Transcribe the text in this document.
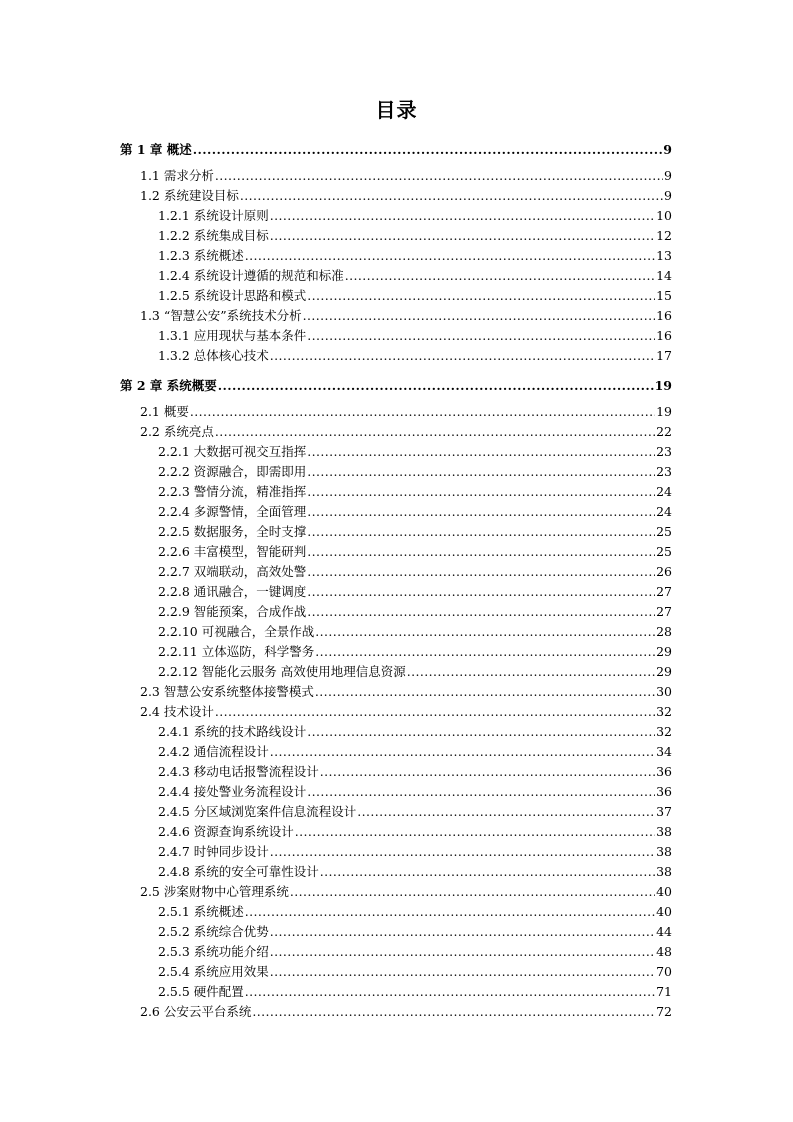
目录
第 1 章 概述 .....	9
1.1 需求分析 .....	9
1.2 系统建设目标 .....	9
1.2.1 系统设计原则 .....	10
1.2.2 系统集成目标 .....	12
1.2.3 系统概述 .....	13
1.2.4 系统设计遵循的规范和标准 .....	14
1.2.5 系统设计思路和模式 .....	15
1.3 “智慧公安”系统技术分析 .....	16
1.3.1 应用现状与基本条件 .....	16
1.3.2 总体核心技术 .....	17
第 2 章 系统概要 .....	19
2.1 概要 .....	19
2.2 系统亮点 .....	22
2.2.1 大数据可视交互指挥 .....	23
2.2.2 资源融合，即需即用 .....	23
2.2.3 警情分流，精准指挥 .....	24
2.2.4 多源警情，全面管理 .....	24
2.2.5 数据服务，全时支撑 .....	25
2.2.6 丰富模型，智能研判 .....	25
2.2.7 双端联动，高效处警 .....	26
2.2.8 通讯融合，一键调度 .....	27
2.2.9 智能预案，合成作战 .....	27
2.2.10 可视融合，全景作战 .....	28
2.2.11 立体巡防，科学警务 .....	29
2.2.12 智能化云服务 高效使用地理信息资源 .....	29
2.3 智慧公安系统整体接警模式 .....	30
2.4 技术设计 .....	32
2.4.1 系统的技术路线设计 .....	32
2.4.2 通信流程设计 .....	34
2.4.3 移动电话报警流程设计 .....	36
2.4.4 接处警业务流程设计 .....	36
2.4.5 分区域浏览案件信息流程设计 .....	37
2.4.6 资源查询系统设计 .....	38
2.4.7 时钟同步设计 .....	38
2.4.8 系统的安全可靠性设计 .....	38
2.5 涉案财物中心管理系统 .....	40
2.5.1 系统概述 .....	40
2.5.2 系统综合优势 .....	44
2.5.3 系统功能介绍 .....	48
2.5.4 系统应用效果 .....	70
2.5.5 硬件配置 .....	71
2.6 公安云平台系统 .....	72
